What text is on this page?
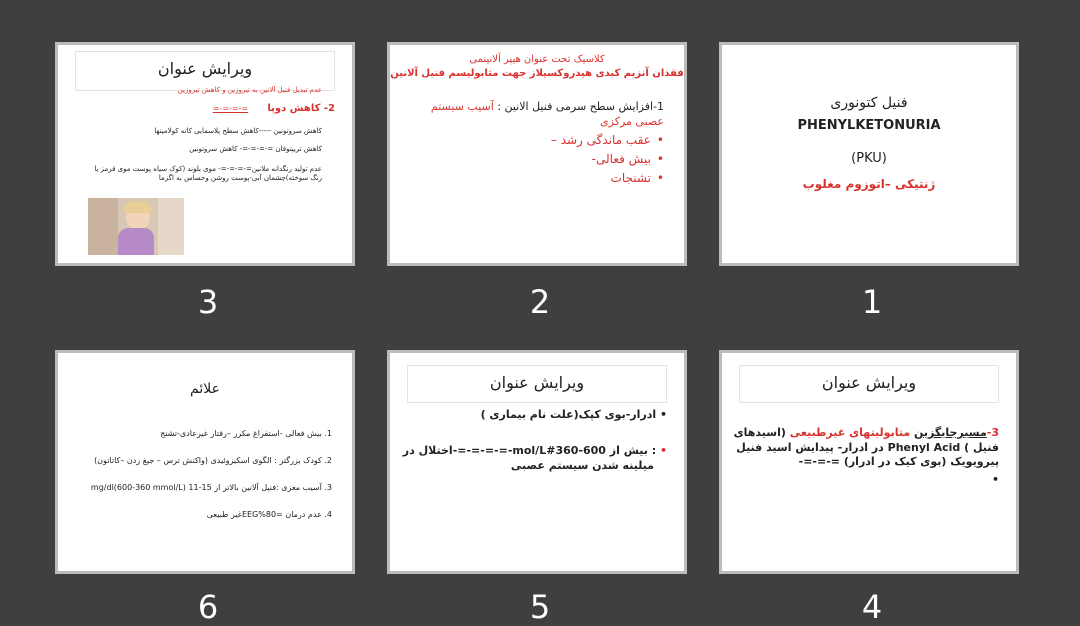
فنیل کتونوری
PHENYLKETONURIA
(PKU)
ژنتیکی –اتوزوم مغلوب
1
کلاسیک تحت عنوان هیپر آلانینمی
فقدان آنزیم کبدی هیدروکسیلاز جهت متابولیسم فنیل آلانین
1-افزایش سطح سرمی فنیل الانین : آسیب سیستم عصبی مرکزی
• عقب ماندگی رشد –
• بیش فعالی-
• تشنجات
2
ویرایش عنوان
عدم تبدیل فنیل آلانین به تیروزین و کاهش تیروزین
2- کاهش دوپا =-=-=-=
کاهش سروتونین -----کاهش سطح پلاسمایی کاته کولامینها
کاهش تریپتوفان =-=-=-=- کاهش سروتونین
عدم تولید رنگدانه ملانین=-=-=-=- موی بلوند (کوک سیاه پوست موی قرمز یا رنگ سوخته)چشمان آبی-پوست روشن وحساس به اگزما
3
ویرایش عنوان
3-مسیرجایگزین متابولیتهای غیرطبیعی (اسیدهای
فنیل ) Phenyl Acid در ادرار- پیدایش اسید فنیل
پیرویویک (بوی کیک در ادرار) =-=-=-
•
4
ویرایش عنوان
• ادرار-بوی کپک(علت نام بیماری )
• : بیش از 600-360#mol/L-=-=-=-=-اختلال در
میلینه شدن سیستم عصبی
5
علائم
1. بیش فعالی -استفراغ مکرر –رفتار غیرعادی-تشنج
2. کودک بزرگتر : الگوی اسکیزوئیدی (واکنش ترس – جیغ زدن –کاتاتون)
3. آسیب مغزی :فنیل آلانین بالاتر از 15-11 mg/dl(600-360 mmol/L)
4. عدم درمان =EEG%80غیر طبیعی
6
